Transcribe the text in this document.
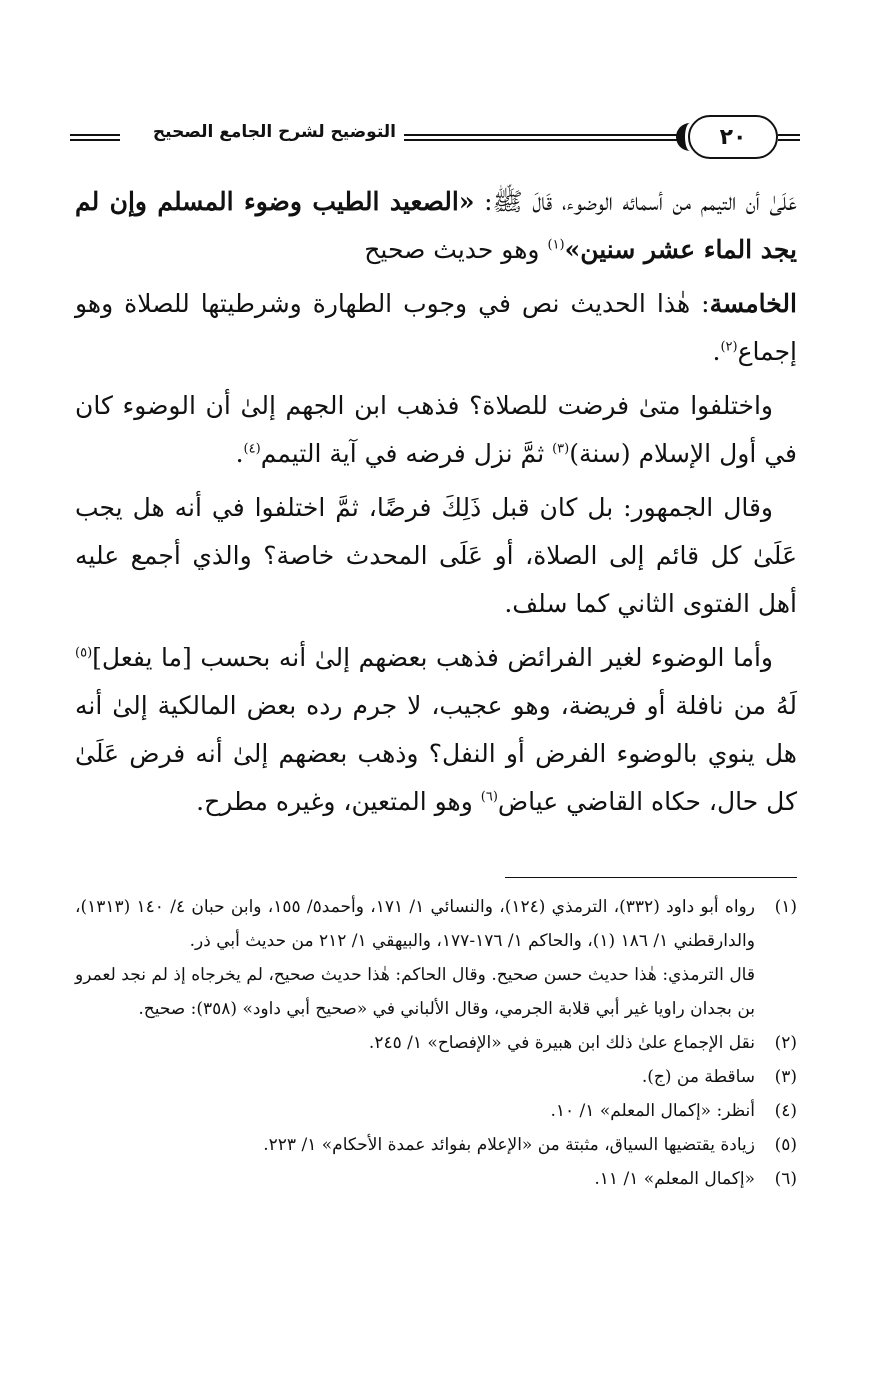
٢٠
التوضيح لشرح الجامع الصحيح

عَلَىٰ أن التيمم من أسمائه الوضوء، قَالَ ﷺ: «الصعيد الطيب وضوء المسلم وإن لم يجد الماء عشر سنين»$^{(١)}$ وهو حديث صحيح

الخامسة: هٰذا الحديث نص في وجوب الطهارة وشرطيتها للصلاة وهو إجماع$^{(٢)}$.

واختلفوا متىٰ فرضت للصلاة؟ فذهب ابن الجهم إلىٰ أن الوضوء كان في أول الإسلام (سنة)$^{(٣)}$ ثمَّ نزل فرضه في آية التيمم$^{(٤)}$.

وقال الجمهور: بل كان قبل ذَلِكَ فرضًا، ثمَّ اختلفوا في أنه هل يجب عَلَىٰ كل قائم إلى الصلاة، أو عَلَى المحدث خاصة؟ والذي أجمع عليه أهل الفتوى الثاني كما سلف.

وأما الوضوء لغير الفرائض فذهب بعضهم إلىٰ أنه بحسب [ما يفعل]$^{(٥)}$ لَهُ من نافلة أو فريضة، وهو عجيب، لا جرم رده بعض المالكية إلىٰ أنه هل ينوي بالوضوء الفرض أو النفل؟ وذهب بعضهم إلىٰ أنه فرض عَلَىٰ كل حال، حكاه القاضي عياض$^{(٦)}$ وهو المتعين، وغيره مطرح.

(١)
رواه أبو داود (٣٣٢)، الترمذي (١٢٤)، والنسائي ١/ ١٧١، وأحمد٥/ ١٥٥، وابن حبان ٤/ ١٤٠ (١٣١٣)، والدارقطني ١/ ١٨٦ (١)، والحاكم ١/ ١٧٦-١٧٧، والبيهقي ١/ ٢١٢ من حديث أبي ذر.
قال الترمذي: هٰذا حديث حسن صحيح. وقال الحاكم: هٰذا حديث صحيح، لم يخرجاه إذ لم نجد لعمرو بن بجدان راويا غير أبي قلابة الجرمي، وقال الألباني في «صحيح أبي داود» (٣٥٨): صحيح.
(٢)
نقل الإجماع علىٰ ذلك ابن هبيرة في «الإفصاح» ١/ ٢٤٥.
(٣)
ساقطة من (ج).
(٤)
أنظر: «إكمال المعلم» ١/ ١٠.
(٥)
زيادة يقتضيها السياق، مثبتة من «الإعلام بفوائد عمدة الأحكام» ١/ ٢٢٣.
(٦)
«إكمال المعلم» ١/ ١١.
